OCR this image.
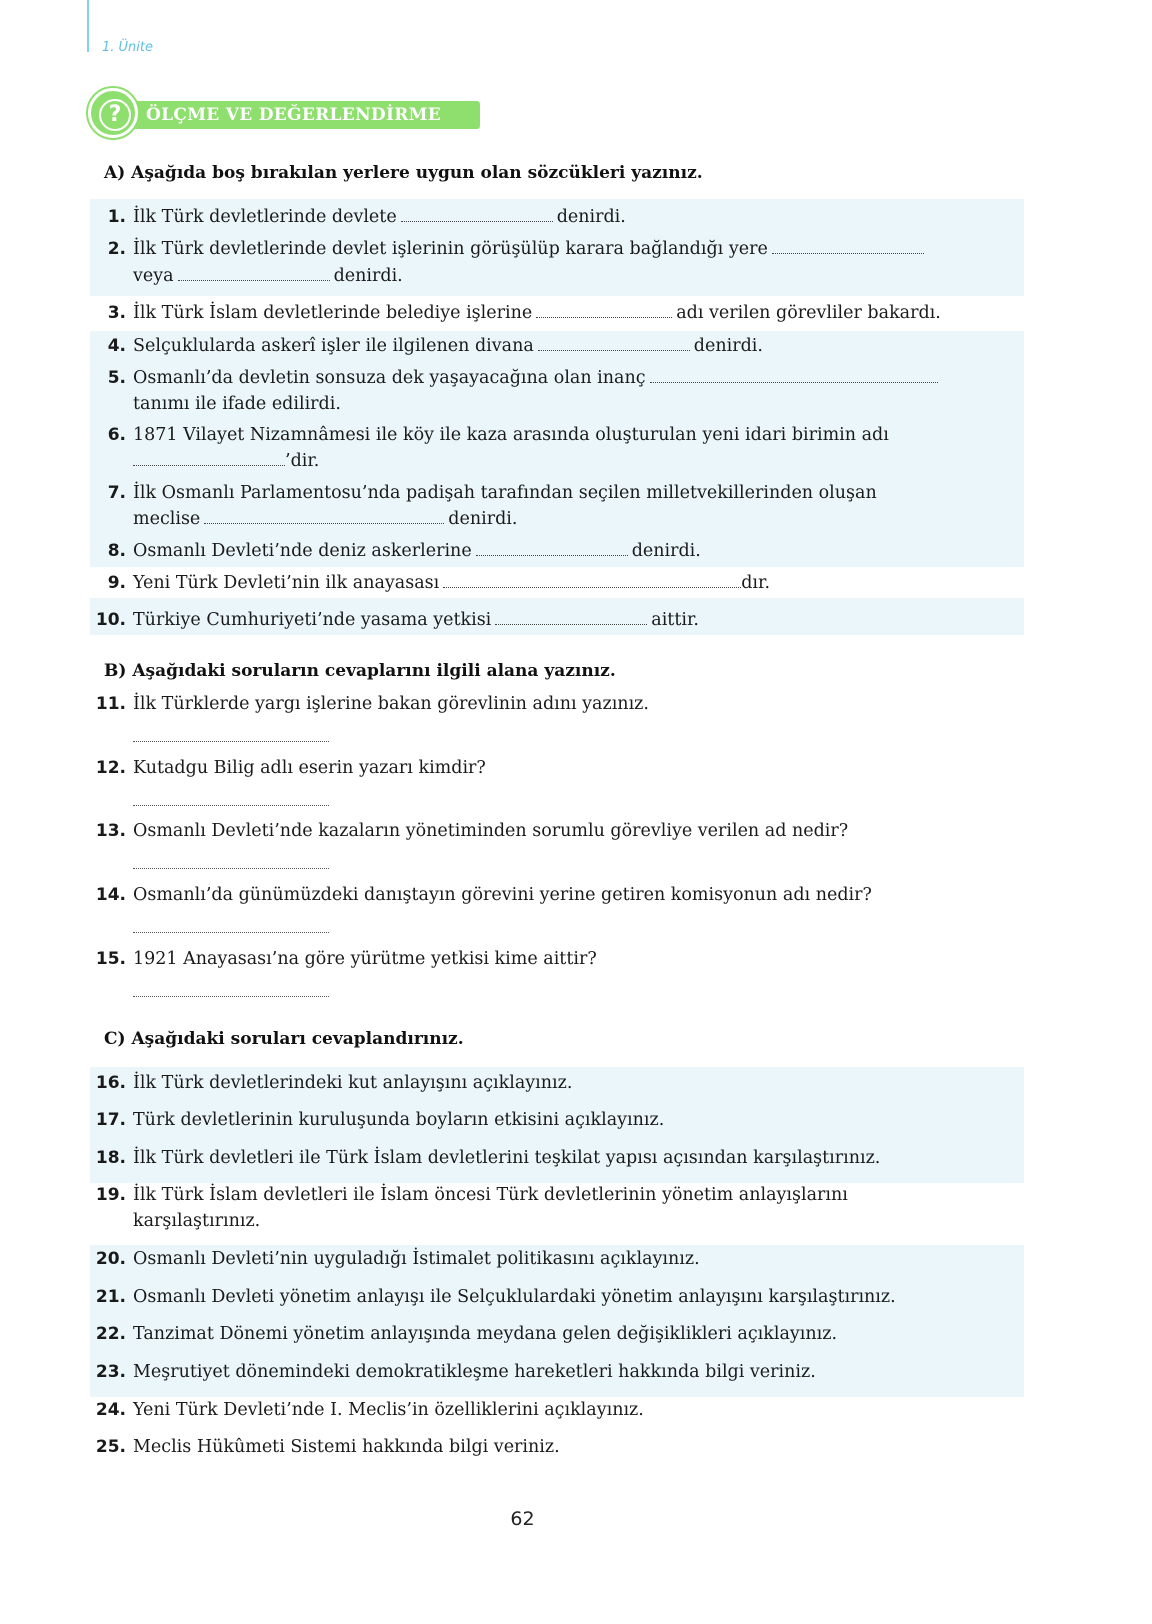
1. Ünite
?	ÖLÇME VE DEĞERLENDİRME
A) Aşağıda boş bırakılan yerlere uygun olan sözcükleri yazınız.
1. İlk Türk devletlerinde devlete	denirdi.
2. İlk Türk devletlerinde devlet işlerinin görüşülüp karara bağlandığı yere
veya	denirdi.
3. İlk Türk İslam devletlerinde belediye işlerine	adı verilen görevliler bakardı.
4. Selçuklularda askerî işler ile ilgilenen divana	denirdi.
5. Osmanlı’da devletin sonsuza dek yaşayacağına olan inanç
tanımı ile ifade edilirdi.
6. 1871 Vilayet Nizamnâmesi ile köy ile kaza arasında oluşturulan yeni idari birimin adı
’dir.
7. İlk Osmanlı Parlamentosu’nda padişah tarafından seçilen milletvekillerinden oluşan
meclise	denirdi.
8. Osmanlı Devleti’nde deniz askerlerine	denirdi.
9. Yeni Türk Devleti’nin ilk anayasası	dır.
10. Türkiye Cumhuriyeti’nde yasama yetkisi	aittir.
B) Aşağıdaki soruların cevaplarını ilgili alana yazınız.
11. İlk Türklerde yargı işlerine bakan görevlinin adını yazınız.
12. Kutadgu Bilig adlı eserin yazarı kimdir?
13. Osmanlı Devleti’nde kazaların yönetiminden sorumlu görevliye verilen ad nedir?
14. Osmanlı’da günümüzdeki danıştayın görevini yerine getiren komisyonun adı nedir?
15. 1921 Anayasası’na göre yürütme yetkisi kime aittir?
C) Aşağıdaki soruları cevaplandırınız.
16. İlk Türk devletlerindeki kut anlayışını açıklayınız.
17. Türk devletlerinin kuruluşunda boyların etkisini açıklayınız.
18. İlk Türk devletleri ile Türk İslam devletlerini teşkilat yapısı açısından karşılaştırınız.
19. İlk Türk İslam devletleri ile İslam öncesi Türk devletlerinin yönetim anlayışlarını
karşılaştırınız.
20. Osmanlı Devleti’nin uyguladığı İstimalet politikasını açıklayınız.
21. Osmanlı Devleti yönetim anlayışı ile Selçuklulardaki yönetim anlayışını karşılaştırınız.
22. Tanzimat Dönemi yönetim anlayışında meydana gelen değişiklikleri açıklayınız.
23. Meşrutiyet dönemindeki demokratikleşme hareketleri hakkında bilgi veriniz.
24. Yeni Türk Devleti’nde I. Meclis’in özelliklerini açıklayınız.
25. Meclis Hükûmeti Sistemi hakkında bilgi veriniz.
62
